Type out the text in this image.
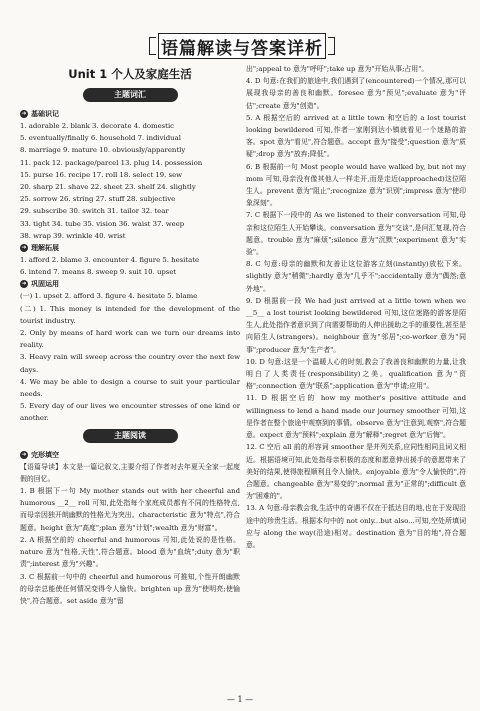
语篇解读与答案详析
Unit 1 个人及家庭生活
主题词汇
➜ 基础识记

1. adorable 2. blank 3. decorate 4. domestic

5. eventually/finally 6. household 7. individual

8. marriage 9. mature 10. obviously/apparently

11. pack 12. package/parcel 13. plug 14. possession

15. purse 16. recipe 17. roll 18. select 19. sew

20. sharp 21. shave 22. sheet 23. shelf 24. slightly

25. sorrow 26. string 27. stuff 28. subjective

29. subscribe 30. switch 31. tailor 32. tear

33. tight 34. tube 35. vision 36. waist 37. weep

38. wrap 39. wrinkle 40. wrist

➜ 理解拓展

1. afford 2. blame 3. encounter 4. figure 5. hesitate

6. intend 7. means 8. sweep 9. suit 10. upset

➜ 巩固运用

(一) 1. upset 2. afford 3. figure 4. hesitate 5. blame

(二) 1. This money is intended for the development of the tourist industry.

2. Only by means of hard work can we turn our dreams into reality.

3. Heavy rain will sweep across the country over the next few days.

4. We may be able to design a course to suit your particular needs.

5. Every day of our lives we encounter stresses of one kind or another.

主题阅读
➜ 完形填空

【语篇导读】本文是一篇记叙文,主要介绍了作者对去年夏天全家一起度假的回忆。

1. B 根据下一句 My mother stands out with her cheerful and humorous __2__ roll 可知,此处指每个家庭成员都有不同的性格特点,而母亲因独开朗幽默的性格尤为突出。characteristic 意为"特点",符合题意。height 意为"高度";plan 意为"计划";wealth 意为"财富"。

2. A 根据空前的 cheerful and humorous 可知,此处说的是性格。nature 意为"性格,天性",符合题意。blood 意为"血统";duty 意为"职责";interest 意为"兴趣"。

3. C 根据前一句中的 cheerful and humorous 可推知,个性开朗幽默的母亲总能使任何情况变得令人愉快。brighten up 意为"使明亮;使愉快",符合题意。set aside 意为"留

出";appeal to 意为"呼吁";take up 意为"开始从事;占用"。

4. D 句意:在我们的旅途中,我们遇到了(encountered)一个情况,那可以展现我母亲的善良和幽默。foresee 意为"预见";evaluate 意为"评估";create 意为"创造"。

5. A 根据空后的 arrived at a little town 和空后的 a lost tourist looking bewildered 可知,作者一家刚到达小镇就看见一个迷路的游客。spot 意为"看见",符合题意。accept 意为"接受";question 意为"质疑";drop 意为"放弃;降低"。

6. B 根据前一句 Most people would have walked by, but not my mom 可知,母亲没有像其他人一样走开,而是走近(approached)这位陌生人。prevent 意为"阻止";recognize 意为"识别";impress 意为"使印象深刻"。

7. C 根据下一段中的 As we listened to their conversation 可知,母亲和这位陌生人开始攀谈。conversation 意为"交谈",是问汇复现,符合题意。trouble 意为"麻烦";silence 意为"沉默";experiment 意为"实验"。

8. C 句意:母亲的幽默和友善让这位游客立刻(instantly)放松下来。slightly 意为"稍微";hardly 意为"几乎不";accidentally 意为"偶然;意外地"。

9. D 根据前一段 We had just arrived at a little town when we __5__ a lost tourist looking bewildered 可知,这位迷路的游客是陌生人,此处指作者意识到了向需要帮助的人伸出援助之手的重要性,甚至是向陌生人(strangers)。neighbour 意为"邻居";co-worker 意为"同事";producer 意为"生产者"。

10. D 句意:这是一个温暖人心的时刻,教会了我善良和幽默的力量,让我明白了人类责任(responsibility)之美。qualification 意为"资格";connection 意为"联系";application 意为"申请;应用"。

11. D 根据空后的 how my mother's positive attitude and willingness to lend a hand made our journey smoother 可知,这是作者在整个旅途中观察到的事情。observe 意为"注意到,观察",符合题意。expect 意为"预料";explain 意为"解释";regret 意为"后悔"。

12. C 空后 all 前的形容词 smoother 是并列关系,应同性相同且词义相近。根据语境可知,此处指母亲积极的态度和愿意伸出援手的意愿带来了美好的结果,使得旅程顺利且令人愉快。enjoyable 意为"令人愉快的",符合题意。changeable 意为"易变的";normal 意为"正常的";difficult 意为"困难的"。

13. A 句意:母亲教会我,生活中的奇遇不仅在于抵达目的地,也在于发现沿途中的珍贵生活。根据本句中的 not only...but also...可知,空处所填词应与 along the way(沿途)相对。destination 意为"目的地",符合题意。

— 1 —
